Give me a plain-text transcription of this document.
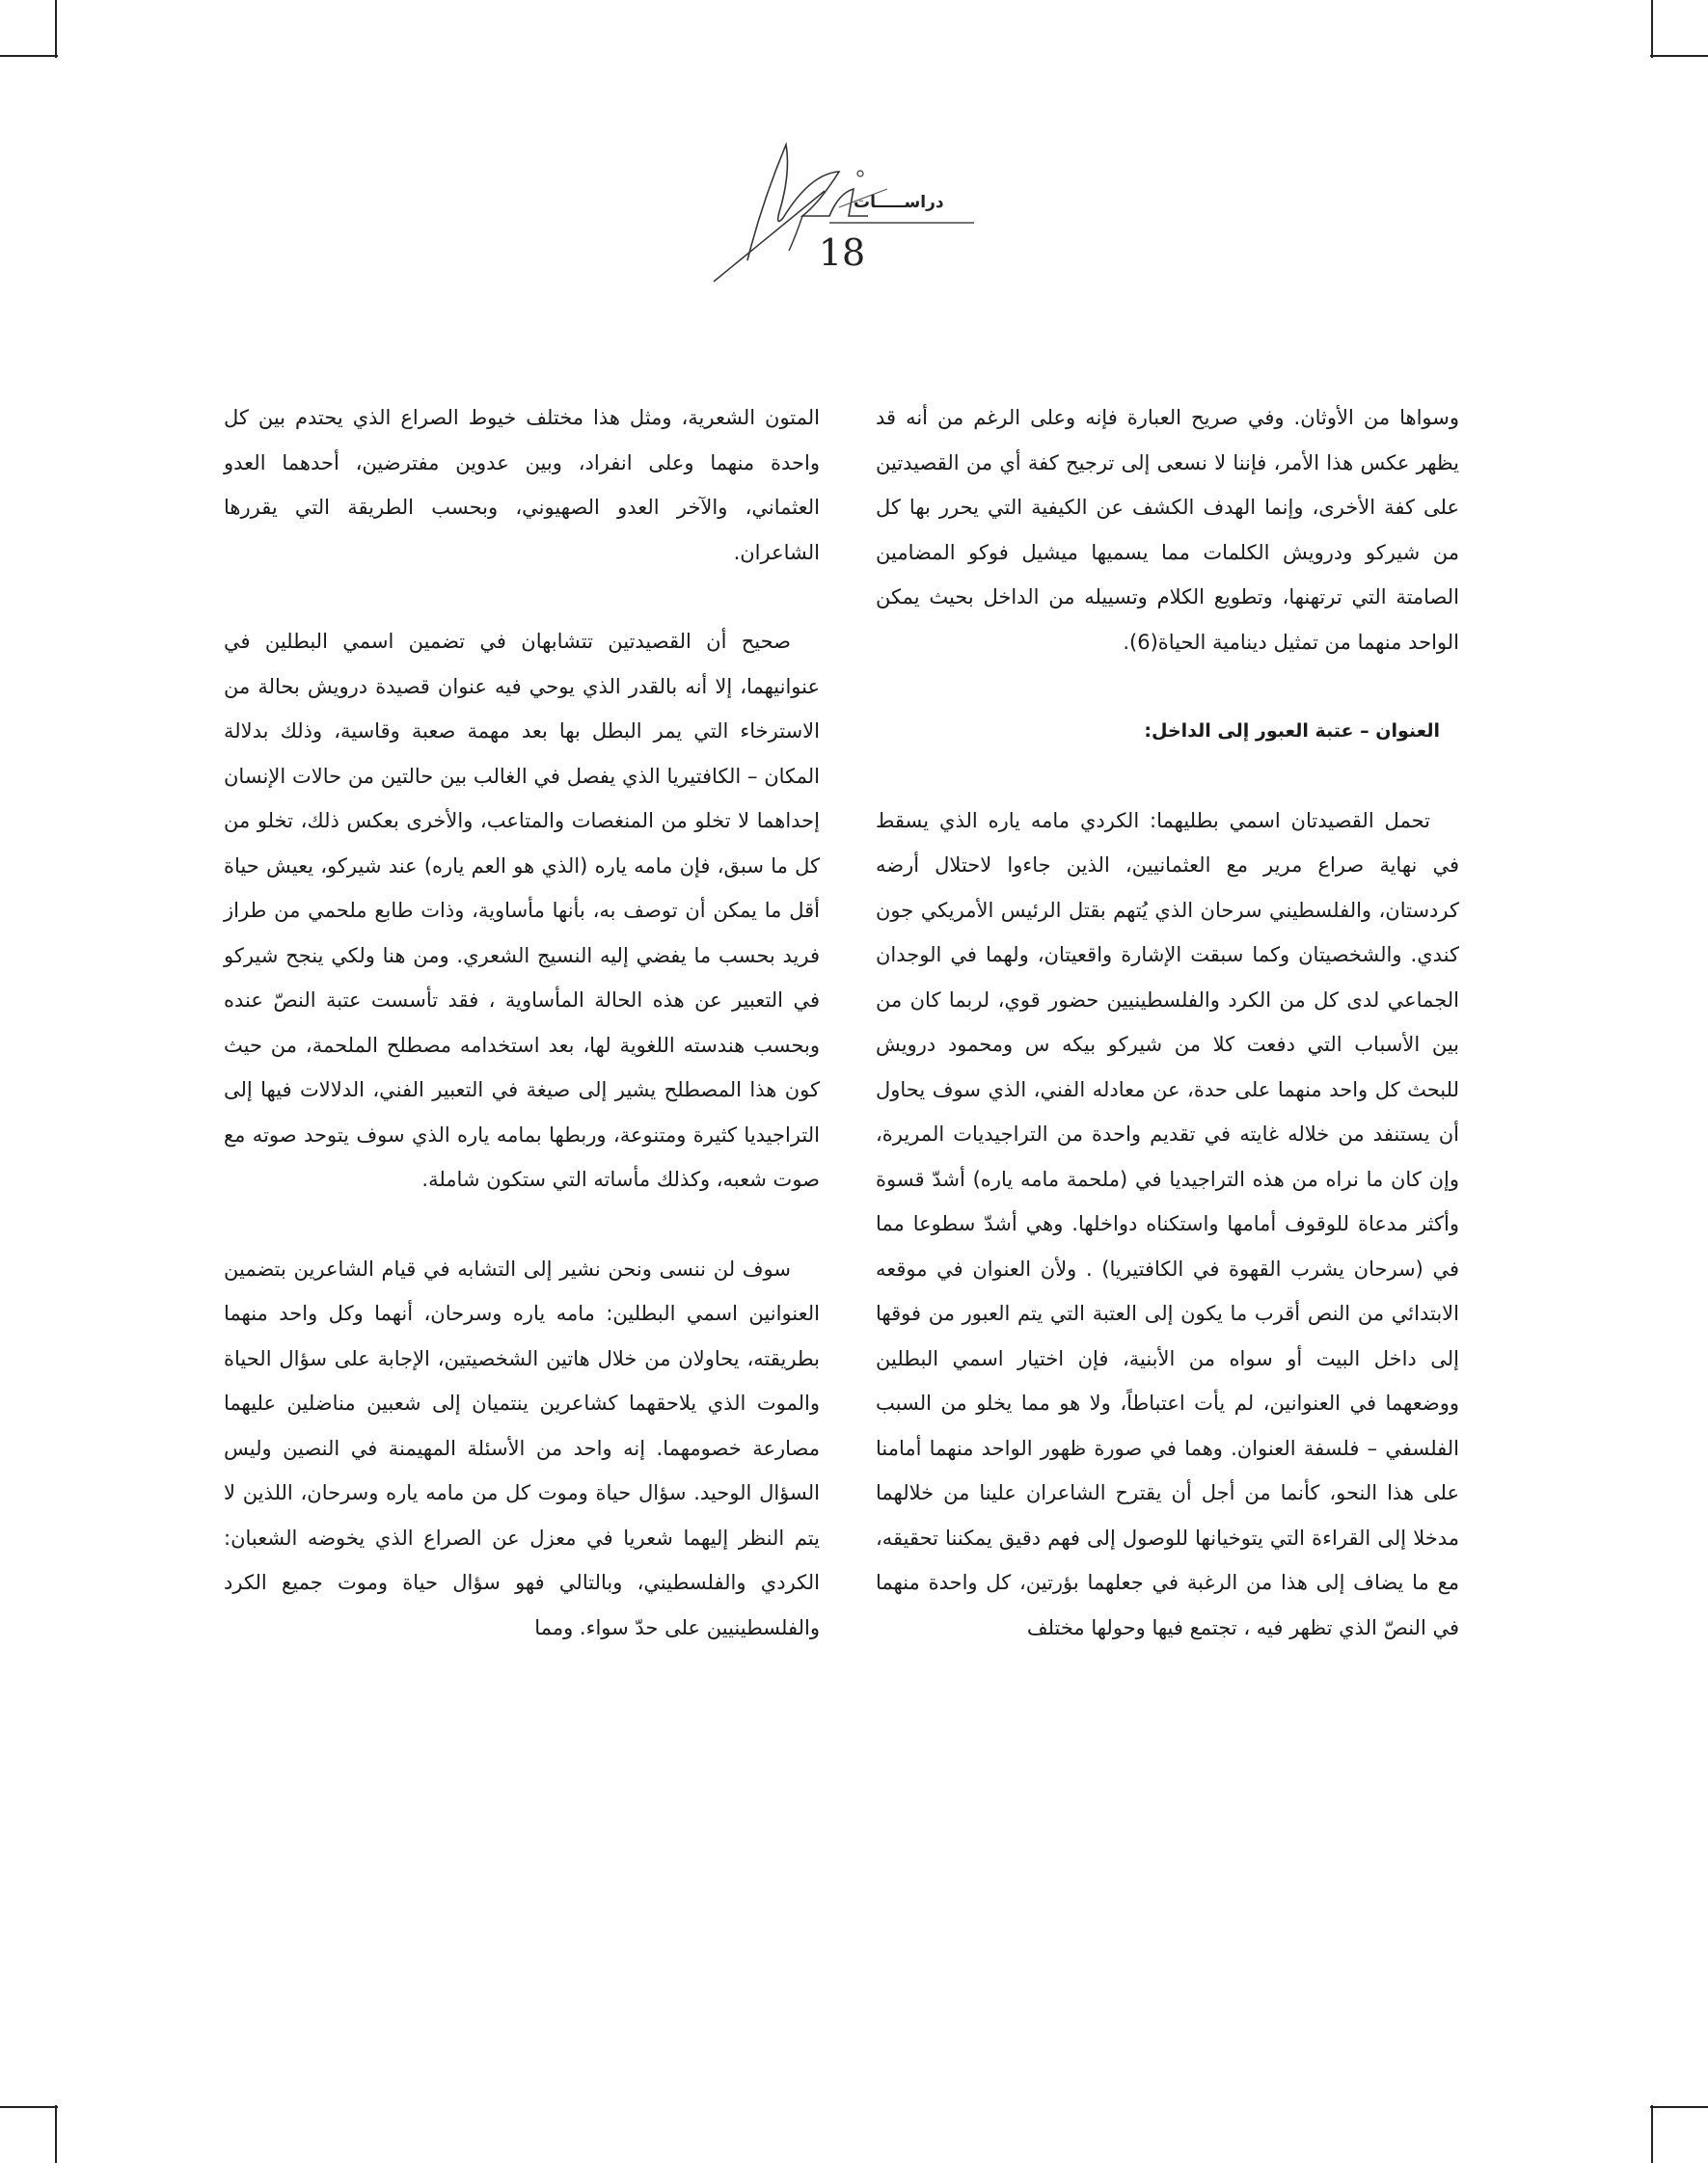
دراســـــات
18

وسواها من الأوثان. وفي صريح العبارة فإنه وعلى الرغم من أنه قد يظهر عكس هذا الأمر، فإننا لا نسعى إلى ترجيح كفة أي من القصيدتين على كفة الأخرى، وإنما الهدف الكشف عن الكيفية التي يحرر بها كل من شيركو ودرويش الكلمات مما يسميها ميشيل فوكو المضامين الصامتة التي ترتهنها، وتطويع الكلام وتسييله من الداخل بحيث يمكن الواحد منهما من تمثيل دينامية الحياة(6).

العنوان – عتبة العبور إلى الداخل:

تحمل القصيدتان اسمي بطليهما: الكردي مامه ياره الذي يسقط في نهاية صراع مرير مع العثمانيين، الذين جاءوا لاحتلال أرضه كردستان، والفلسطيني سرحان الذي يُتهم بقتل الرئيس الأمريكي جون كندي. والشخصيتان وكما سبقت الإشارة واقعيتان، ولهما في الوجدان الجماعي لدى كل من الكرد والفلسطينيين حضور قوي، لربما كان من بين الأسباب التي دفعت كلا من شيركو بيكه س ومحمود درويش للبحث كل واحد منهما على حدة، عن معادله الفني، الذي سوف يحاول أن يستنفد من خلاله غايته في تقديم واحدة من التراجيديات المريرة، وإن كان ما نراه من هذه التراجيديا في (ملحمة مامه ياره) أشدّ قسوة وأكثر مدعاة للوقوف أمامها واستكناه دواخلها. وهي أشدّ سطوعا مما في (سرحان يشرب القهوة في الكافتيريا) . ولأن العنوان في موقعه الابتدائي من النص أقرب ما يكون إلى العتبة التي يتم العبور من فوقها إلى داخل البيت أو سواه من الأبنية، فإن اختيار اسمي البطلين ووضعهما في العنوانين، لم يأت اعتباطاً، ولا هو مما يخلو من السبب الفلسفي – فلسفة العنوان. وهما في صورة ظهور الواحد منهما أمامنا على هذا النحو، كأنما من أجل أن يقترح الشاعران علينا من خلالهما مدخلا إلى القراءة التي يتوخيانها للوصول إلى فهم دقيق يمكننا تحقيقه، مع ما يضاف إلى هذا من الرغبة في جعلهما بؤرتين، كل واحدة منهما في النصّ الذي تظهر فيه ، تجتمع فيها وحولها مختلف

المتون الشعرية، ومثل هذا مختلف خيوط الصراع الذي يحتدم بين كل واحدة منهما وعلى انفراد، وبين عدوين مفترضين، أحدهما العدو العثماني، والآخر العدو الصهيوني، وبحسب الطريقة التي يقررها الشاعران.

صحيح أن القصيدتين تتشابهان في تضمين اسمي البطلين في عنوانيهما، إلا أنه بالقدر الذي يوحي فيه عنوان قصيدة درويش بحالة من الاسترخاء التي يمر البطل بها بعد مهمة صعبة وقاسية، وذلك بدلالة المكان – الكافتيريا الذي يفصل في الغالب بين حالتين من حالات الإنسان إحداهما لا تخلو من المنغصات والمتاعب، والأخرى بعكس ذلك، تخلو من كل ما سبق، فإن مامه ياره (الذي هو العم ياره) عند شيركو، يعيش حياة أقل ما يمكن أن توصف به، بأنها مأساوية، وذات طابع ملحمي من طراز فريد بحسب ما يفضي إليه النسيج الشعري. ومن هنا ولكي ينجح شيركو في التعبير عن هذه الحالة المأساوية ، فقد تأسست عتبة النصّ عنده وبحسب هندسته اللغوية لها، بعد استخدامه مصطلح الملحمة، من حيث كون هذا المصطلح يشير إلى صيغة في التعبير الفني، الدلالات فيها إلى التراجيديا كثيرة ومتنوعة، وربطها بمامه ياره الذي سوف يتوحد صوته مع صوت شعبه، وكذلك مأساته التي ستكون شاملة.

سوف لن ننسى ونحن نشير إلى التشابه في قيام الشاعرين بتضمين العنوانين اسمي البطلين: مامه ياره وسرحان، أنهما وكل واحد منهما بطريقته، يحاولان من خلال هاتين الشخصيتين، الإجابة على سؤال الحياة والموت الذي يلاحقهما كشاعرين ينتميان إلى شعبين مناضلين عليهما مصارعة خصومهما. إنه واحد من الأسئلة المهيمنة في النصين وليس السؤال الوحيد. سؤال حياة وموت كل من مامه ياره وسرحان، اللذين لا يتم النظر إليهما شعريا في معزل عن الصراع الذي يخوضه الشعبان: الكردي والفلسطيني، وبالتالي فهو سؤال حياة وموت جميع الكرد والفلسطينيين على حدّ سواء. ومما
